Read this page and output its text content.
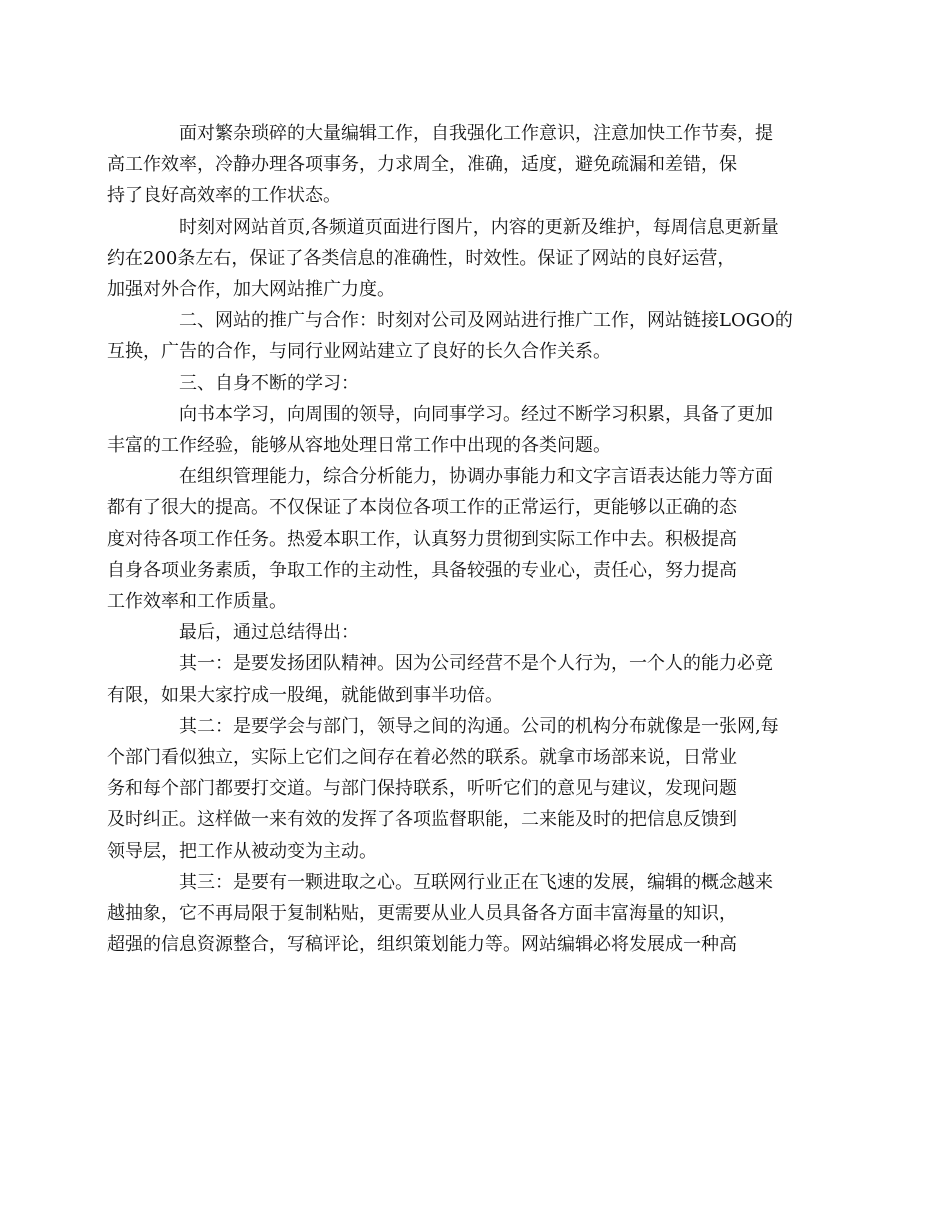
面对繁杂琐碎的大量编辑工作，自我强化工作意识，注意加快工作节奏，提
高工作效率，冷静办理各项事务，力求周全，准确，适度，避免疏漏和差错，保
持了良好高效率的工作状态。

时刻对网站首页,各频道页面进行图片，内容的更新及维护，每周信息更新量
约在200条左右，保证了各类信息的准确性，时效性。保证了网站的良好运营，
加强对外合作，加大网站推广力度。

二、网站的推广与合作：时刻对公司及网站进行推广工作，网站链接LOGO的
互换，广告的合作，与同行业网站建立了良好的长久合作关系。

三、自身不断的学习：

向书本学习，向周围的领导，向同事学习。经过不断学习积累，具备了更加
丰富的工作经验，能够从容地处理日常工作中出现的各类问题。

在组织管理能力，综合分析能力，协调办事能力和文字言语表达能力等方面
都有了很大的提高。不仅保证了本岗位各项工作的正常运行，更能够以正确的态
度对待各项工作任务。热爱本职工作，认真努力贯彻到实际工作中去。积极提高
自身各项业务素质，争取工作的主动性，具备较强的专业心，责任心，努力提高
工作效率和工作质量。

最后，通过总结得出：

其一：是要发扬团队精神。因为公司经营不是个人行为，一个人的能力必竟
有限，如果大家拧成一股绳，就能做到事半功倍。

其二：是要学会与部门，领导之间的沟通。公司的机构分布就像是一张网,每
个部门看似独立，实际上它们之间存在着必然的联系。就拿市场部来说，日常业
务和每个部门都要打交道。与部门保持联系，听听它们的意见与建议，发现问题
及时纠正。这样做一来有效的发挥了各项监督职能，二来能及时的把信息反馈到
领导层，把工作从被动变为主动。

其三：是要有一颗进取之心。互联网行业正在飞速的发展，编辑的概念越来
越抽象，它不再局限于复制粘贴，更需要从业人员具备各方面丰富海量的知识，
超强的信息资源整合，写稿评论，组织策划能力等。网站编辑必将发展成一种高
